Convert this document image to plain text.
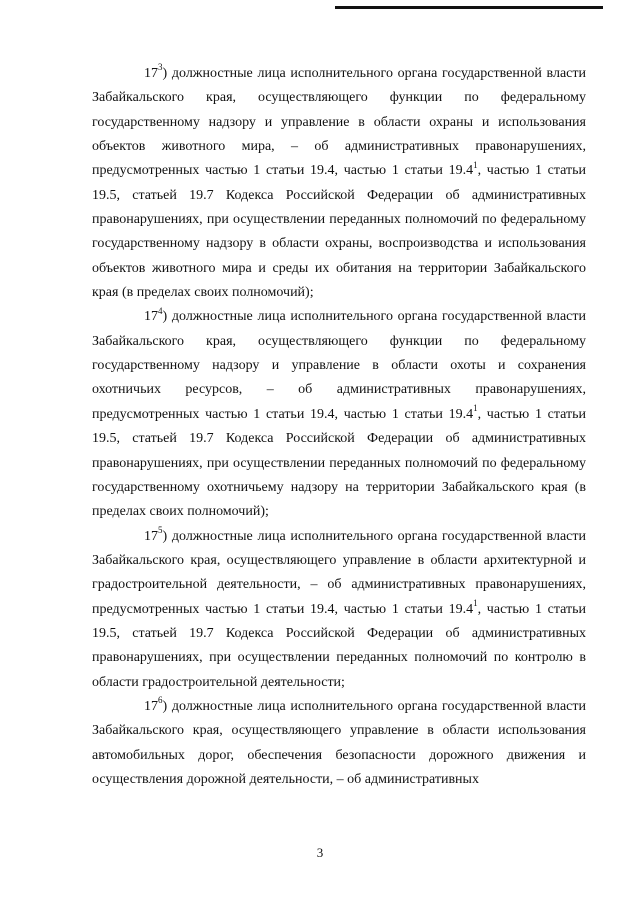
$17^3$) должностные лица исполнительного органа государственной власти Забайкальского края, осуществляющего функции по федеральному государственному надзору и управление в области охраны и использования объектов животного мира, – об административных правонарушениях, предусмотренных частью 1 статьи 19.4, частью 1 статьи 19.4$^1$, частью 1 статьи 19.5, статьей 19.7 Кодекса Российской Федерации об административных правонарушениях, при осуществлении переданных полномочий по федеральному государственному надзору в области охраны, воспроизводства и использования объектов животного мира и среды их обитания на территории Забайкальского края (в пределах своих полномочий);

$17^4$) должностные лица исполнительного органа государственной власти Забайкальского края, осуществляющего функции по федеральному государственному надзору и управление в области охоты и сохранения охотничьих ресурсов, – об административных правонарушениях, предусмотренных частью 1 статьи 19.4, частью 1 статьи 19.4$^1$, частью 1 статьи 19.5, статьей 19.7 Кодекса Российской Федерации об административных правонарушениях, при осуществлении переданных полномочий по федеральному государственному охотничьему надзору на территории Забайкальского края (в пределах своих полномочий);

$17^5$) должностные лица исполнительного органа государственной власти Забайкальского края, осуществляющего управление в области архитектурной и градостроительной деятельности, – об административных правонарушениях, предусмотренных частью 1 статьи 19.4, частью 1 статьи 19.4$^1$, частью 1 статьи 19.5, статьей 19.7 Кодекса Российской Федерации об административных правонарушениях, при осуществлении переданных полномочий по контролю в области градостроительной деятельности;

$17^6$) должностные лица исполнительного органа государственной власти Забайкальского края, осуществляющего управление в области использования автомобильных дорог, обеспечения безопасности дорожного движения и осуществления дорожной деятельности, – об административных

3
